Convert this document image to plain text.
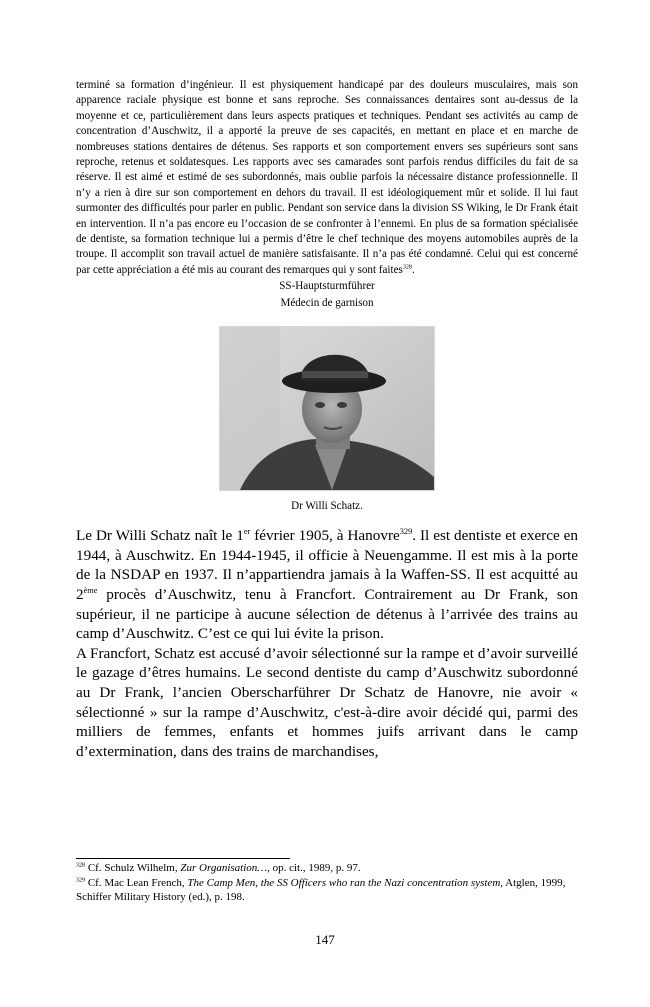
terminé sa formation d’ingénieur. Il est physiquement handicapé par des douleurs musculaires, mais son apparence raciale physique est bonne et sans reproche. Ses connaissances dentaires sont au-dessus de la moyenne et ce, particulièrement dans leurs aspects pratiques et techniques. Pendant ses activités au camp de concentration d’Auschwitz, il a apporté la preuve de ses capacités, en mettant en place et en marche de nombreuses stations dentaires de détenus. Ses rapports et son comportement envers ses supérieurs sont sans reproche, retenus et soldatesques. Les rapports avec ses camarades sont parfois rendus difficiles du fait de sa réserve. Il est aimé et estimé de ses subordonnés, mais oublie parfois la nécessaire distance professionnelle. Il n’y a rien à dire sur son comportement en dehors du travail. Il est idéologiquement mûr et solide. Il lui faut surmonter des difficultés pour parler en public. Pendant son service dans la division SS Wiking, le Dr Frank était en intervention. Il n’a pas encore eu l’occasion de se confronter à l’ennemi. En plus de sa formation spécialisée de dentiste, sa formation technique lui a permis d’être le chef technique des moyens automobiles auprès de la troupe. Il accomplit son travail actuel de manière satisfaisante. Il n’a pas été condamné. Celui qui est concerné par cette appréciation a été mis au courant des remarques qui y sont faites$^{328}$.

SS-Hauptsturmführer
Médecin de garnison
Dr Willi Schatz.

Le Dr Willi Schatz naît le 1er février 1905, à Hanovre$^{329}$. Il est dentiste et exerce en 1944, à Auschwitz. En 1944-1945, il officie à Neuengamme. Il est mis à la porte de la NSDAP en 1937. Il n’appartiendra jamais à la Waffen-SS. Il est acquitté au 2ème procès d’Auschwitz, tenu à Francfort. Contrairement au Dr Frank, son supérieur, il ne participe à aucune sélection de détenus à l’arrivée des trains au camp d’Auschwitz. C’est ce qui lui évite la prison.

A Francfort, Schatz est accusé d’avoir sélectionné sur la rampe et d’avoir surveillé le gazage d’êtres humains. Le second dentiste du camp d’Auschwitz subordonné au Dr Frank, l’ancien Oberscharführer Dr Schatz de Hanovre, nie avoir « sélectionné » sur la rampe d’Auschwitz, c'est-à-dire avoir décidé qui, parmi des milliers de femmes, enfants et hommes juifs arrivant dans le camp d’extermination, dans des trains de marchandises,

$^{328}$ Cf. Schulz Wilhelm, Zur Organisation…, op. cit., 1989, p. 97.

$^{329}$ Cf. Mac Lean French, The Camp Men, the SS Officers who ran the Nazi concentration system, Atglen, 1999, Schiffer Military History (ed.), p. 198.

147
